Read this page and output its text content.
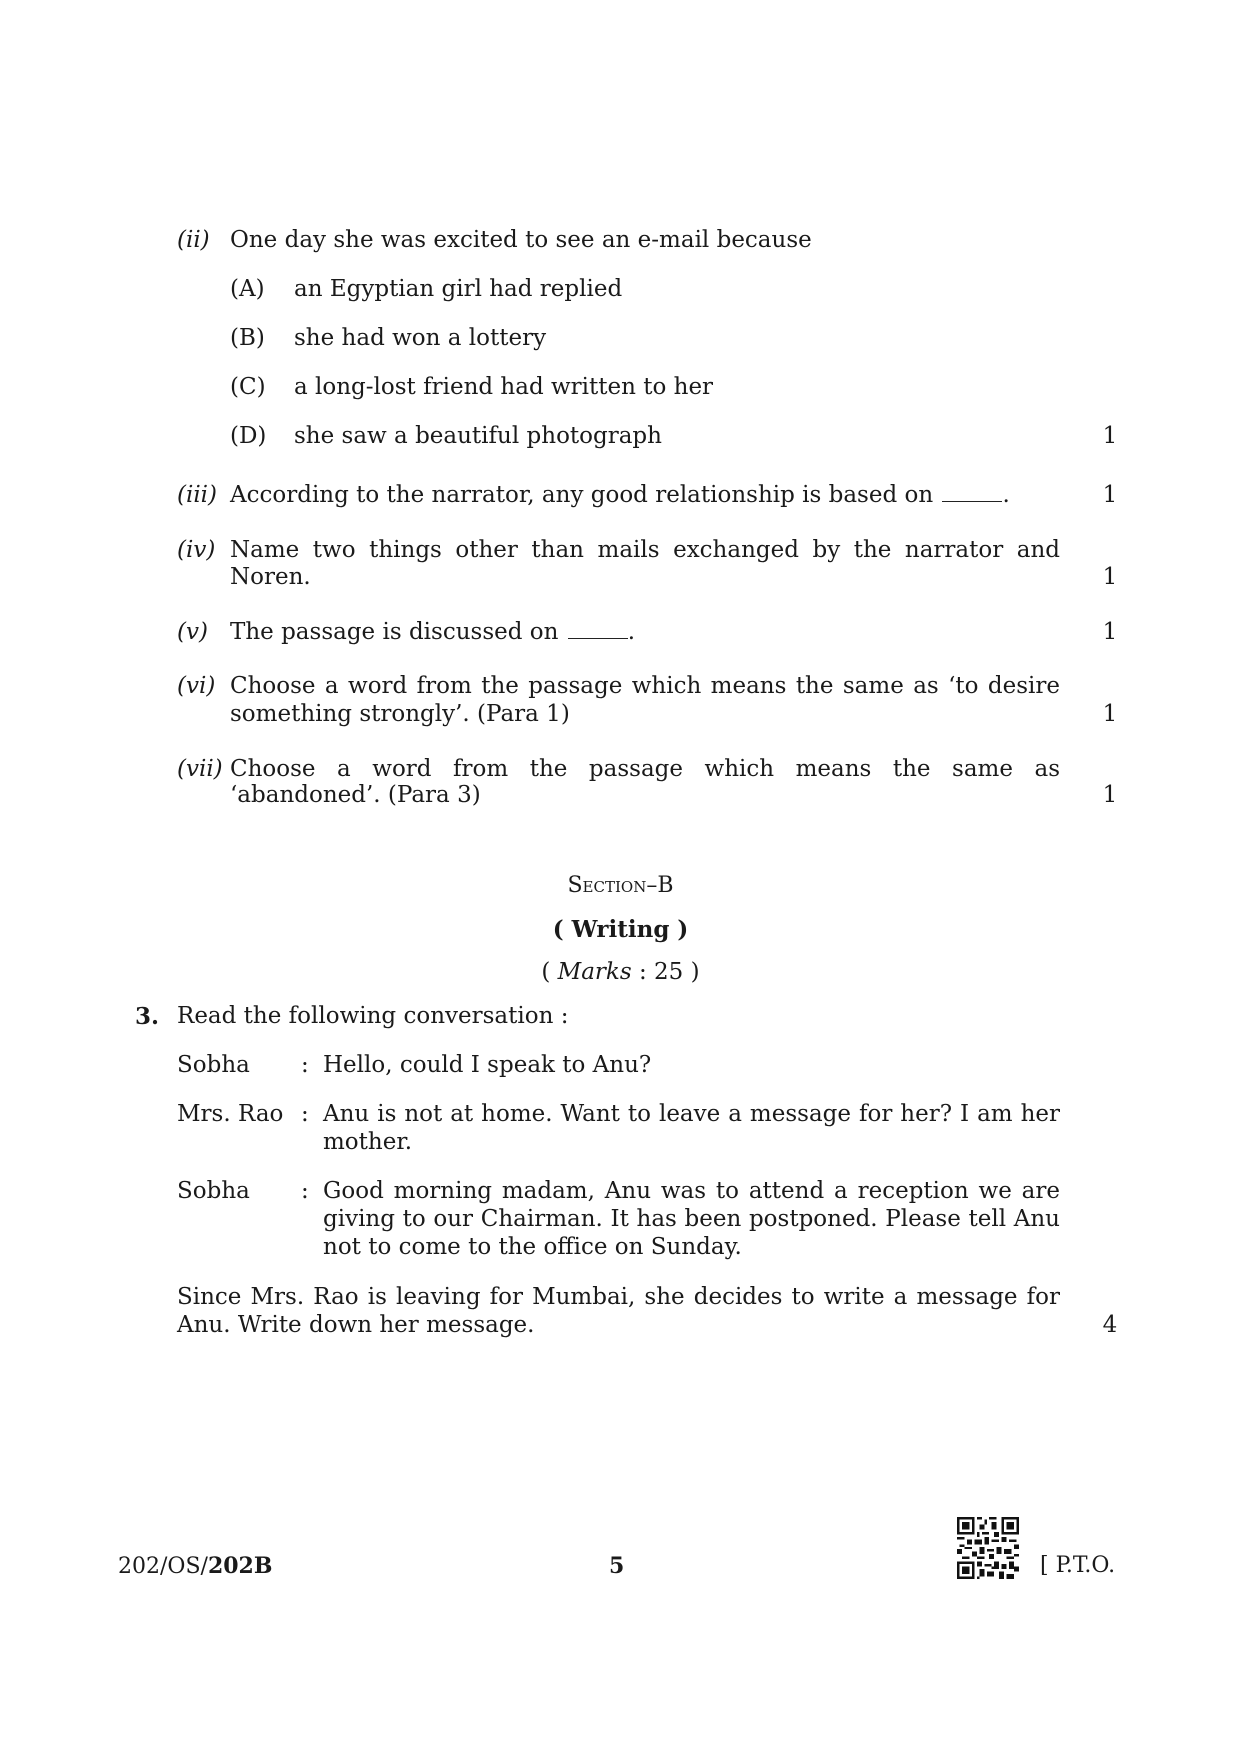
(ii) One day she was excited to see an e-mail because
(A) an Egyptian girl had replied
(B) she had won a lottery
(C) a long-lost friend had written to her
(D) she saw a beautiful photograph	1
(iii) According to the narrator, any good relationship is based on	.	1
(iv) Name two things other than mails exchanged by the narrator and
Noren.	1
(v) The passage is discussed on	.	1
(vi) Choose a word from the passage which means the same as ‘to desire
something strongly’. (Para 1)	1
(vii) Choose a word from the passage which means the same as
‘abandoned’. (Para 3)	1
Section–B
( Writing )
( Marks : 25 )
3. Read the following conversation :
Sobha : Hello, could I speak to Anu?
Mrs. Rao : Anu is not at home. Want to leave a message for her? I am her
mother.
Sobha : Good morning madam, Anu was to attend a reception we are
giving to our Chairman. It has been postponed. Please tell Anu
not to come to the office on Sunday.
Since Mrs. Rao is leaving for Mumbai, she decides to write a message for
Anu. Write down her message.	4
202/OS/202B	5	[ P.T.O.
